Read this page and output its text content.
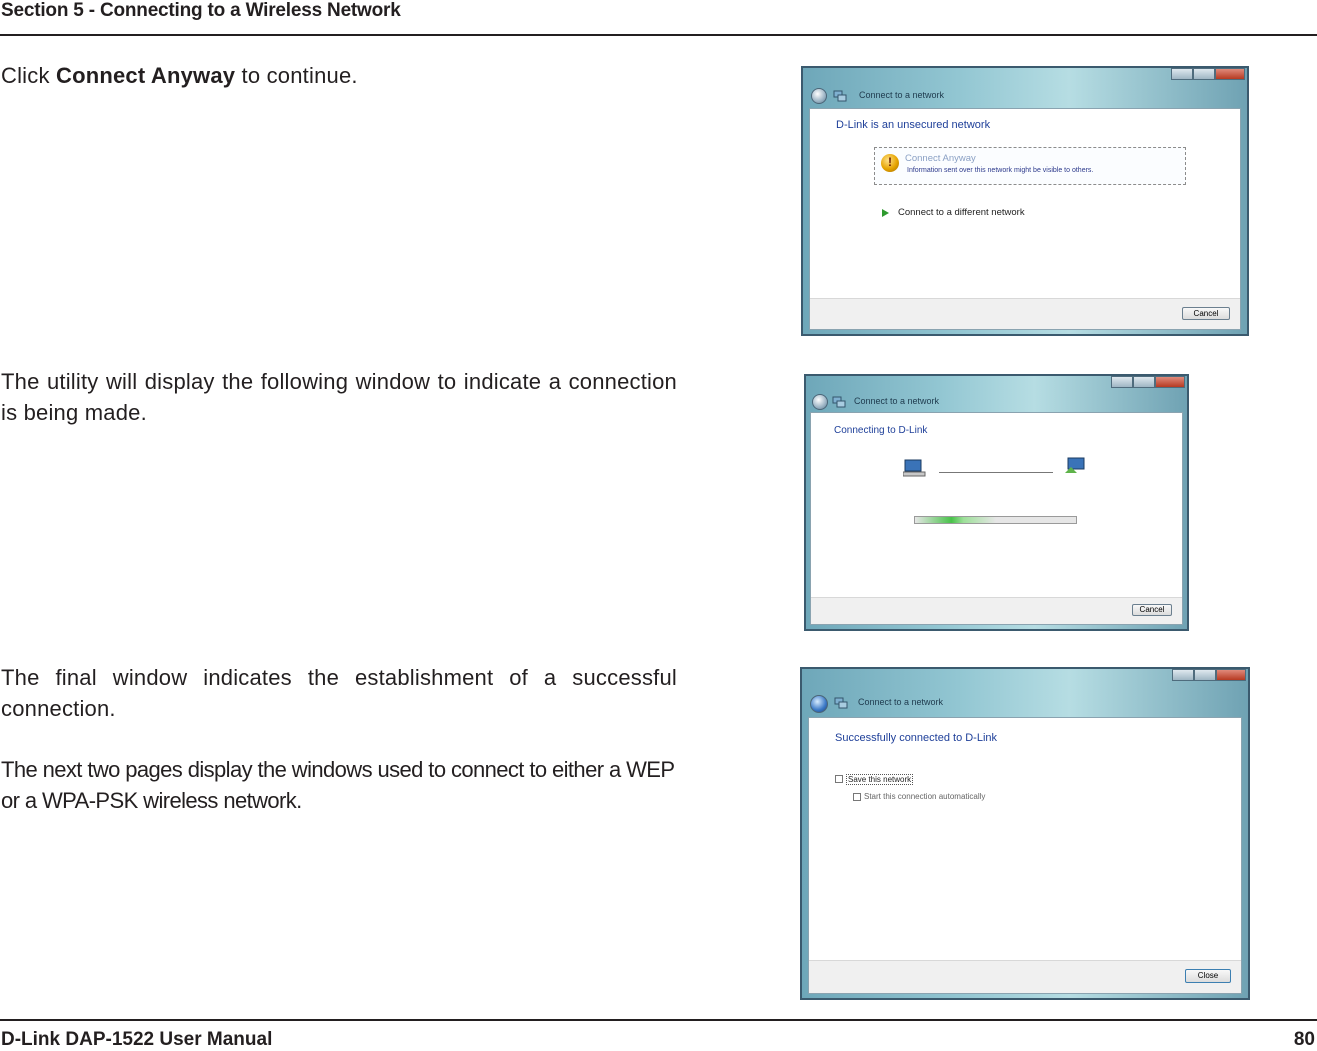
Section 5 - Connecting to a Wireless Network
Click Connect Anyway to continue.
The utility will display the following window to indicate a connection is being made.
The final window indicates the establishment of a successful connection.
The next two pages display the windows used to connect to either a WEP or a WPA-PSK wireless network.
Connect to a network
D-Link is an unsecured network
!
Connect Anyway
Information sent over this network might be visible to others.
Connect to a different network
Cancel
Connect to a network
Connecting to D-Link
Cancel
Connect to a network
Successfully connected to D-Link
Save this network
Start this connection automatically
Close
D-Link DAP-1522 User Manual	80
